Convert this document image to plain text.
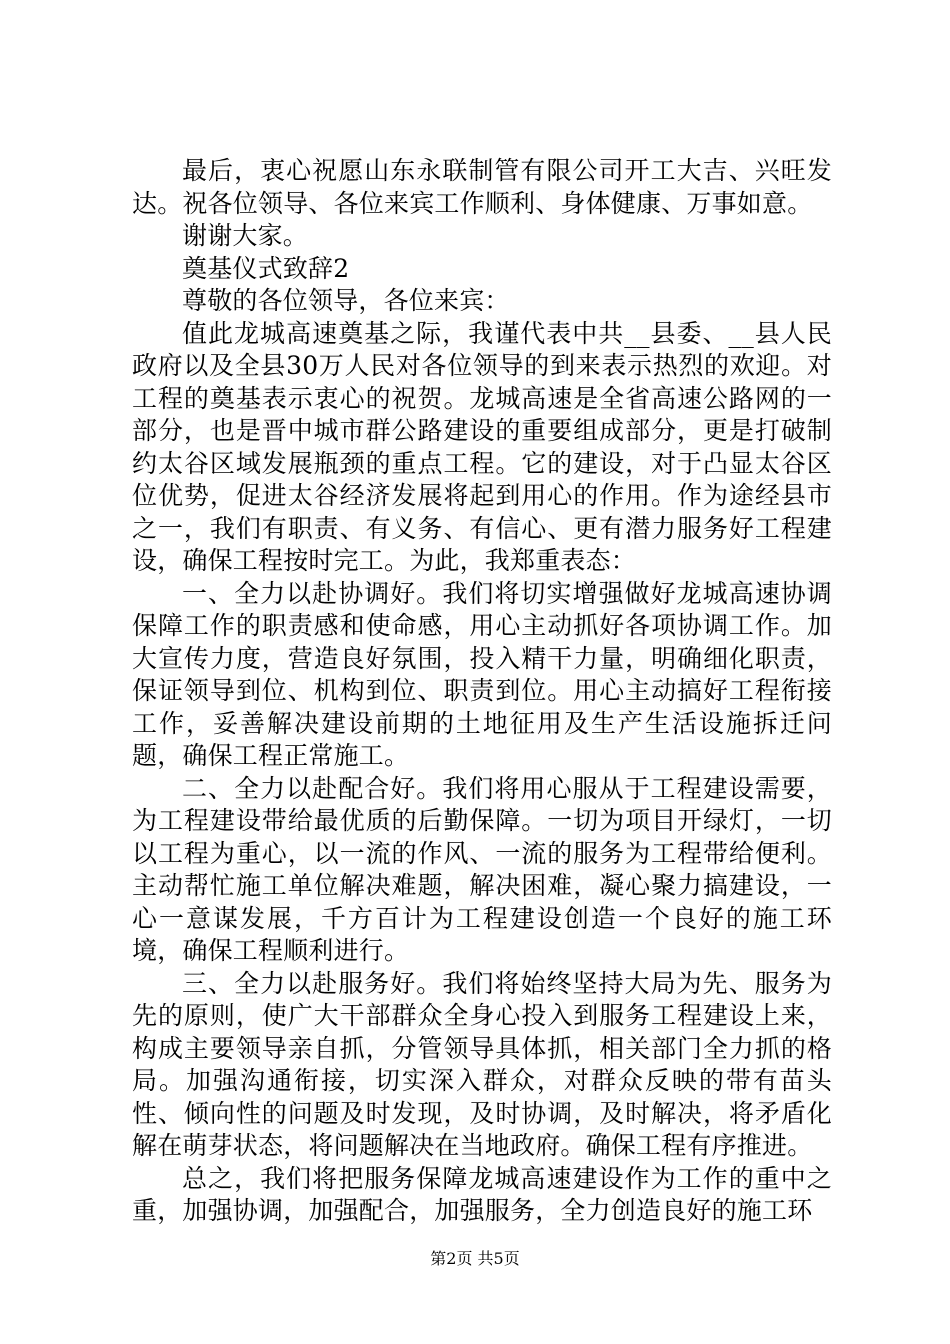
最后，衷心祝愿山东永联制管有限公司开工大吉、兴旺发达。祝各位领导、各位来宾工作顺利、身体健康、万事如意。

谢谢大家。

奠基仪式致辞2

尊敬的各位领导，各位来宾：

值此龙城高速奠基之际，我谨代表中共__县委、__县人民政府以及全县30万人民对各位领导的到来表示热烈的欢迎。对工程的奠基表示衷心的祝贺。龙城高速是全省高速公路网的一部分，也是晋中城市群公路建设的重要组成部分，更是打破制约太谷区域发展瓶颈的重点工程。它的建设，对于凸显太谷区位优势，促进太谷经济发展将起到用心的作用。作为途经县市之一，我们有职责、有义务、有信心、更有潜力服务好工程建设，确保工程按时完工。为此，我郑重表态：

一、全力以赴协调好。我们将切实增强做好龙城高速协调保障工作的职责感和使命感，用心主动抓好各项协调工作。加大宣传力度，营造良好氛围，投入精干力量，明确细化职责，保证领导到位、机构到位、职责到位。用心主动搞好工程衔接工作，妥善解决建设前期的土地征用及生产生活设施拆迁问题，确保工程正常施工。

二、全力以赴配合好。我们将用心服从于工程建设需要，为工程建设带给最优质的后勤保障。一切为项目开绿灯，一切以工程为重心，以一流的作风、一流的服务为工程带给便利。主动帮忙施工单位解决难题，解决困难，凝心聚力搞建设，一心一意谋发展，千方百计为工程建设创造一个良好的施工环境，确保工程顺利进行。

三、全力以赴服务好。我们将始终坚持大局为先、服务为先的原则，使广大干部群众全身心投入到服务工程建设上来，构成主要领导亲自抓，分管领导具体抓，相关部门全力抓的格局。加强沟通衔接，切实深入群众，对群众反映的带有苗头性、倾向性的问题及时发现，及时协调，及时解决，将矛盾化解在萌芽状态，将问题解决在当地政府。确保工程有序推进。

总之，我们将把服务保障龙城高速建设作为工作的重中之重，加强协调，加强配合，加强服务，全力创造良好的施工环

第2页 共5页
